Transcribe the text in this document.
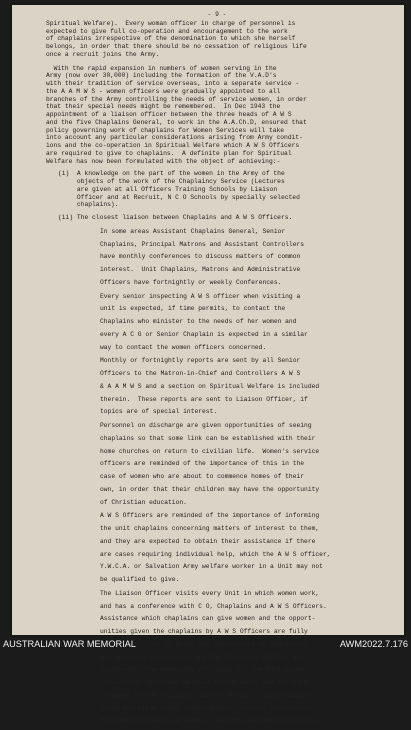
- 9 -

Spiritual Welfare).  Every woman officer in charge of personnel is

expected to give full co-operation and encouragement to the work

of chaplains irrespective of the denomination to which she herself

belongs, in order that there should be no cessation of religious life

once a recruit joins the Army.

With the rapid expansion in numbers of women serving in the

Army (now over 30,000) including the formation of the V.A.D's

with their tradition of service overseas, into a separate service -

the A A M W S - women officers were gradually appointed to all

branches of the Army controlling the needs of service women, in order

that their special needs might be remembered.  In Dec 1943 the

appointment of a liaison officer between the three heads of A W S

and the five Chaplains General, to work in the A.A.Ch.D, ensured that

policy governing work of chaplains for Women Services will take

into account any particular considerations arising from Army condit-

ions and the co-operation in Spiritual Welfare which A W S Officers

are required to give to chaplains.  A definite plan for Spiritual

Welfare has now been formulated with the object of achieving:-

(i)  A knowledge on the part of the women in the Army of the

objects of the work of the Chaplaincy Service (Lectures

are given at all Officers Training Schools by Liaison

Officer and at Recruit, N C O Schools by specially selected

chaplains).

(ii) The closest liaison between Chaplains and A W S Officers.

In some areas Assistant Chaplains General, Senior

Chaplains, Principal Matrons and Assistant Controllers

have monthly conferences to discuss matters of common

interest.  Unit Chaplains, Matrons and Administrative

Officers have fortnightly or weekly Conferences.

Every senior inspecting A W S officer when visiting a

unit is expected, if time permits, to contact the

Chaplains who minister to the needs of her women and

every A C G or Senior Chaplain is expected in a similar

way to contact the women officers concerned.

Monthly or fortnightly reports are sent by all Senior

Officers to the Matron-in-Chief and Controllers A W S

& A A M W S and a section on Spiritual Welfare is included

therein.  These reports are sent to Liaison Officer, if

topics are of special interest.

Personnel on discharge are given opportunities of seeing

chaplains so that some link can be established with their

home churches on return to civilian life.  Women's service

officers are reminded of the importance of this in the

case of women who are about to commence homes of their

own, in order that their children may have the opportunity

of Christian education.

A W S Officers are reminded of the importance of informing

the unit chaplains concerning matters of interest to them,

and they are expected to obtain their assistance if there

are cases requiring individual help, which the A W S officer,

Y.W.C.A. or Salvation Army welfare worker in a Unit may not

be qualified to give.

The Liaison Officer visits every Unit in which women work,

and has a conference with C O, Chaplains and A W S Officers.

Assistance which chaplains can give women and the opport-

unities given the chaplains by A W S Officers are fully

discussed.  L.O. is given the opportunity of addressing

all women in these units and the following matters are

discussed:- the necessity for using all the facilities

offered for Spiritual Welfare in the Army, and the part

of women in the religious life of a unit:- opportunities

given for bible study, confirmation classes, instruction

for Roman Catholic personnel, morning and evening prayers,

AUSTRALIAN WAR MEMORIAL	AWM2022.7.176
